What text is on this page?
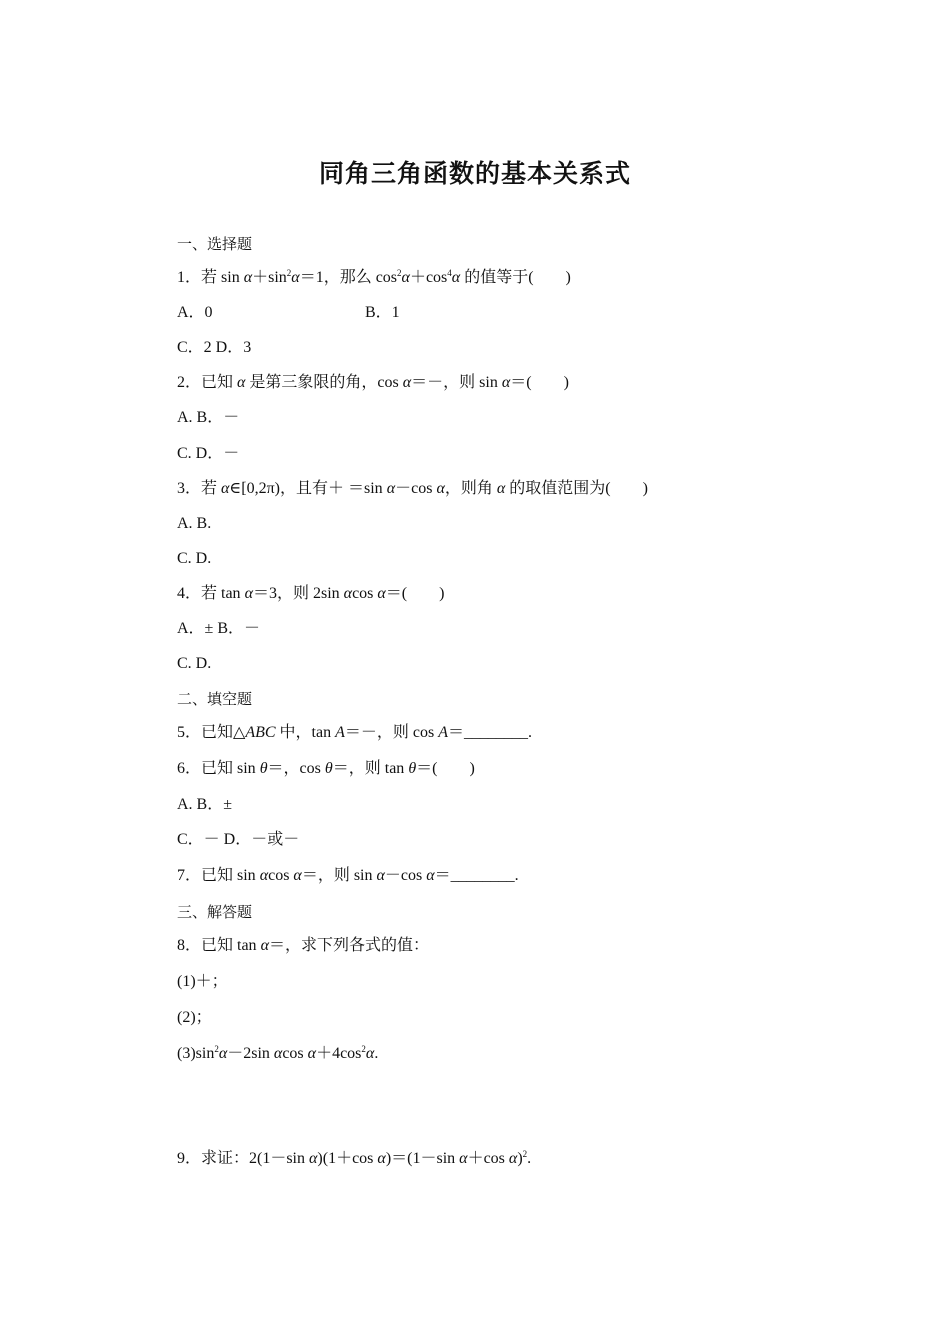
同角三角函数的基本关系式
一、选择题
1．若 $\sin \alpha+\sin^2\alpha=1$，那么 $\cos^2\alpha+\cos^4\alpha$ 的值等于(　　)
A．0	B．1
C．2 D．3
2．已知 α 是第三象限的角，cos α＝－，则 sin α＝(　　)
A. B．－
C. D．－
3．若 α∈[0,2π)，且有＋ ＝sin α－cos α，则角 α 的取值范围为(　　)
A. B.
C. D.
4．若 tan α＝3，则 2sin αcos α＝(　　)
A．± B．－
C. D.
二、填空题
5．已知△ABC 中，tan A＝－，则 cos A＝________.
6．已知 sin θ＝，cos θ＝，则 tan θ＝(　　)
A. B．±
C．－ D．－或－
7．已知 sin αcos α＝，则 sin α－cos α＝________.
三、解答题
8．已知 tan α＝，求下列各式的值：
(1)＋；
(2)；
$(3)\sin^2\alpha-2\sin$ αcos $\alpha+4\cos^2\alpha$.
9．求证：2(1－sin α)(1＋cos α)＝(1－sin α＋cos α)$^2$.
